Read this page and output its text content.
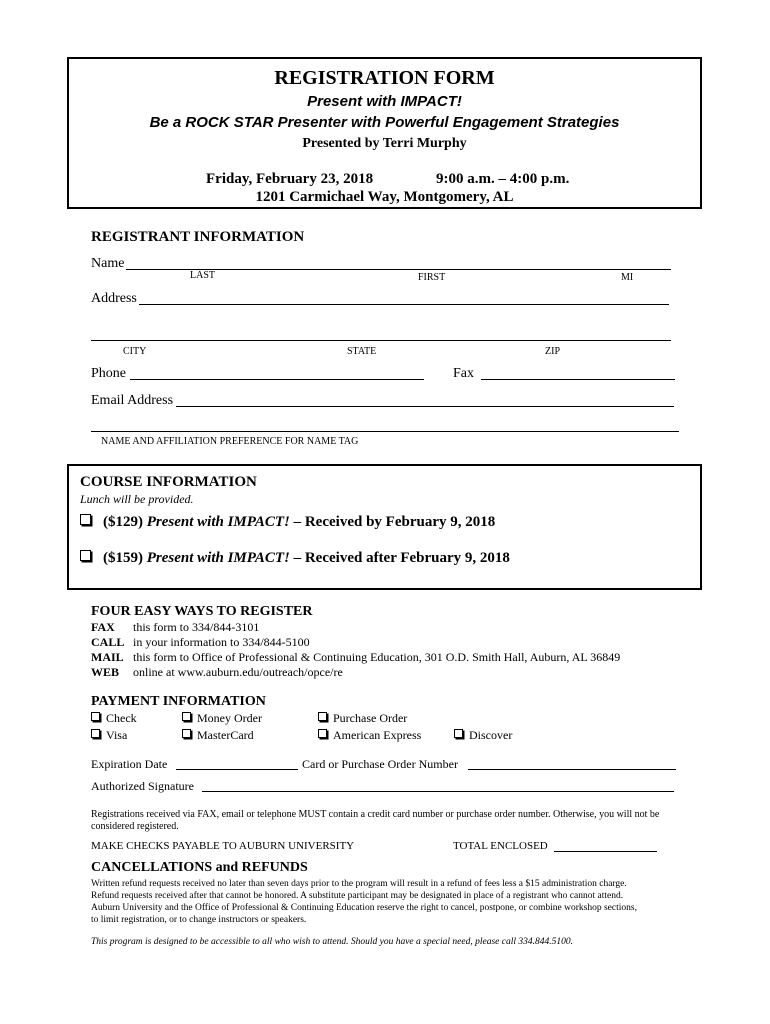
REGISTRATION FORM
Present with IMPACT!
Be a ROCK STAR Presenter with Powerful Engagement Strategies
Presented by Terri Murphy
Friday, February 23, 2018	9:00 a.m. – 4:00 p.m.
1201 Carmichael Way, Montgomery, AL
REGISTRANT INFORMATION
Name
LAST	FIRST	MI
Address
CITY	STATE	ZIP
Phone	Fax
Email Address
NAME AND AFFILIATION PREFERENCE FOR NAME TAG
COURSE INFORMATION
Lunch will be provided.
($129) Present with IMPACT! – Received by February 9, 2018
($159) Present with IMPACT! – Received after February 9, 2018
FOUR EASY WAYS TO REGISTER
FAX this form to 334/844-3101
CALL in your information to 334/844-5100
MAIL this form to Office of Professional & Continuing Education, 301 O.D. Smith Hall, Auburn, AL 36849
WEB online at www.auburn.edu/outreach/opce/re
PAYMENT INFORMATION
Check	Money Order	Purchase Order
Visa	MasterCard	American Express	Discover
Expiration Date	Card or Purchase Order Number
Authorized Signature
Registrations received via FAX, email or telephone MUST contain a credit card number or purchase order number. Otherwise, you will not be considered registered.
MAKE CHECKS PAYABLE TO AUBURN UNIVERSITY	TOTAL ENCLOSED
CANCELLATIONS and REFUNDS
Written refund requests received no later than seven days prior to the program will result in a refund of fees less a $15 administration charge.
Refund requests received after that cannot be honored. A substitute participant may be designated in place of a registrant who cannot attend.
Auburn University and the Office of Professional & Continuing Education reserve the right to cancel, postpone, or combine workshop sections,
to limit registration, or to change instructors or speakers.
This program is designed to be accessible to all who wish to attend. Should you have a special need, please call 334.844.5100.
